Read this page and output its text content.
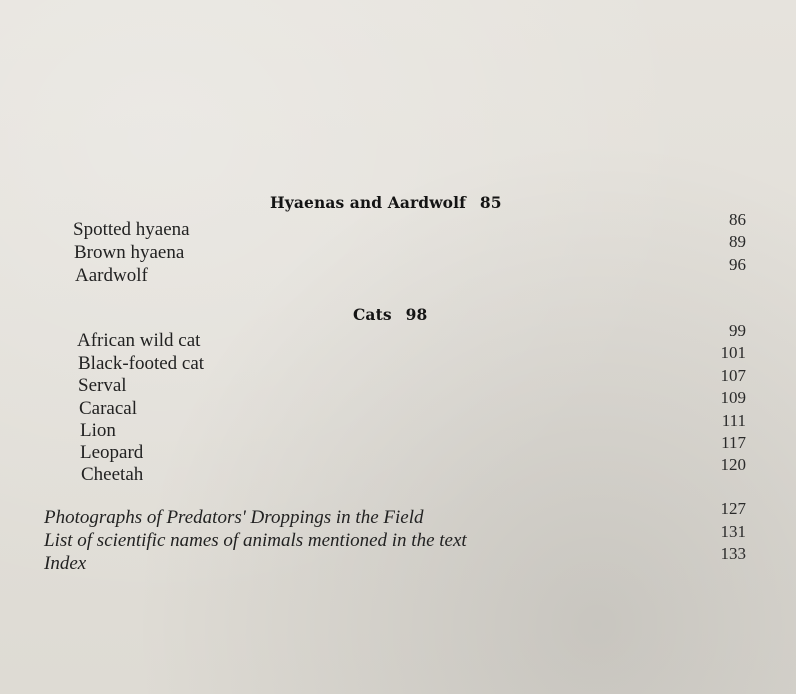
Hyaenas and Aardwolf 85
Spotted hyaena
Brown hyaena
Aardwolf
86
89
96
Cats 98
African wild cat
Black-footed cat
Serval
Caracal
Lion
Leopard
Cheetah
99
101
107
109
111
117
120
Photographs of Predators' Droppings in the Field
List of scientific names of animals mentioned in the text
Index
127
131
133
